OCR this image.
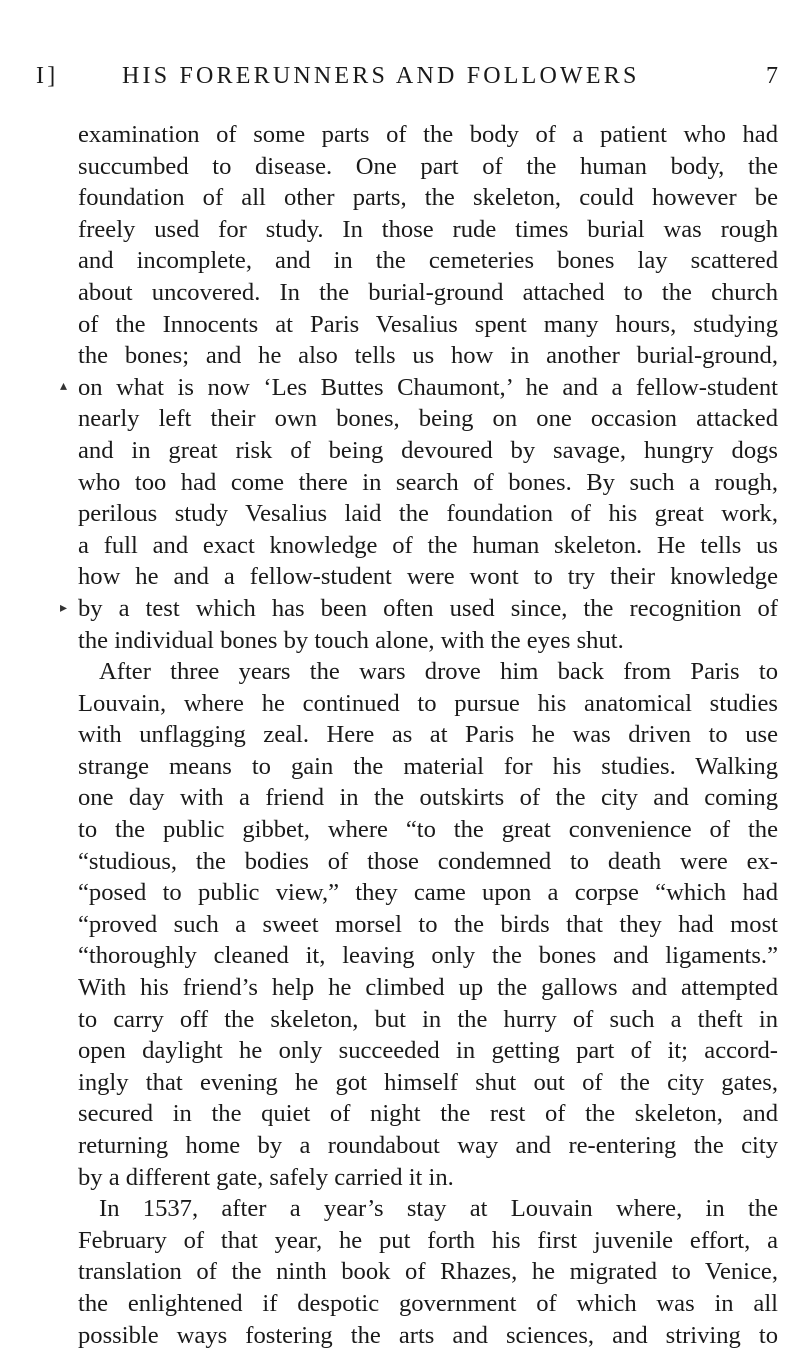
I]	HIS FORERUNNERS AND FOLLOWERS	7
▴
▸
examination of some parts of the body of a patient who had
succumbed to disease. One part of the human body, the
foundation of all other parts, the skeleton, could however be
freely used for study. In those rude times burial was rough
and incomplete, and in the cemeteries bones lay scattered
about uncovered. In the burial-ground attached to the church
of the Innocents at Paris Vesalius spent many hours, studying
the bones; and he also tells us how in another burial-ground,
on what is now ‘Les Buttes Chaumont,’ he and a fellow-student
nearly left their own bones, being on one occasion attacked
and in great risk of being devoured by savage, hungry dogs
who too had come there in search of bones. By such a rough,
perilous study Vesalius laid the foundation of his great work,
a full and exact knowledge of the human skeleton. He tells us
how he and a fellow-student were wont to try their knowledge
by a test which has been often used since, the recognition of
the individual bones by touch alone, with the eyes shut.
After three years the wars drove him back from Paris to
Louvain, where he continued to pursue his anatomical studies
with unflagging zeal. Here as at Paris he was driven to use
strange means to gain the material for his studies. Walking
one day with a friend in the outskirts of the city and coming
to the public gibbet, where “to the great convenience of the
“studious, the bodies of those condemned to death were ex-
“posed to public view,” they came upon a corpse “which had
“proved such a sweet morsel to the birds that they had most
“thoroughly cleaned it, leaving only the bones and ligaments.”
With his friend’s help he climbed up the gallows and attempted
to carry off the skeleton, but in the hurry of such a theft in
open daylight he only succeeded in getting part of it; accord-
ingly that evening he got himself shut out of the city gates,
secured in the quiet of night the rest of the skeleton, and
returning home by a roundabout way and re-entering the city
by a different gate, safely carried it in.
In 1537, after a year’s stay at Louvain where, in the
February of that year, he put forth his first juvenile effort, a
translation of the ninth book of Rhazes, he migrated to Venice,
the enlightened if despotic government of which was in all
possible ways fostering the arts and sciences, and striving to
